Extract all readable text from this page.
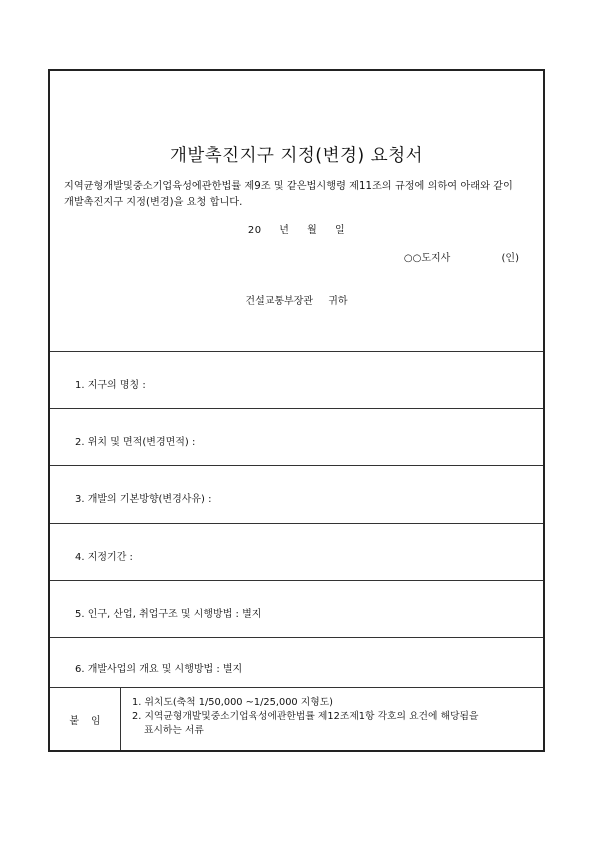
개발촉진지구 지정(변경) 요청서
지역균형개발및중소기업육성에관한법률 제9조 및 같은법시행령 제11조의 규정에 의하여 아래와 같이 개발촉진지구 지정(변경)을 요청 합니다.
20 년 월 일
○○도지사	(인)
건설교통부장관 귀하
1. 지구의 명칭 :
2. 위치 및 면적(변경면적) :
3. 개발의 기본방향(변경사유) :
4. 지정기간 :
5. 인구, 산업, 취업구조 및 시행방법 : 별지
6. 개발사업의 개요 및 시행방법 : 별지
붙 임
1. 위치도(축척 1/50,000 ~1/25,000 지형도)
2. 지역균형개발및중소기업육성에관한법률 제12조제1항 각호의 요건에 해당됨을
표시하는 서류
